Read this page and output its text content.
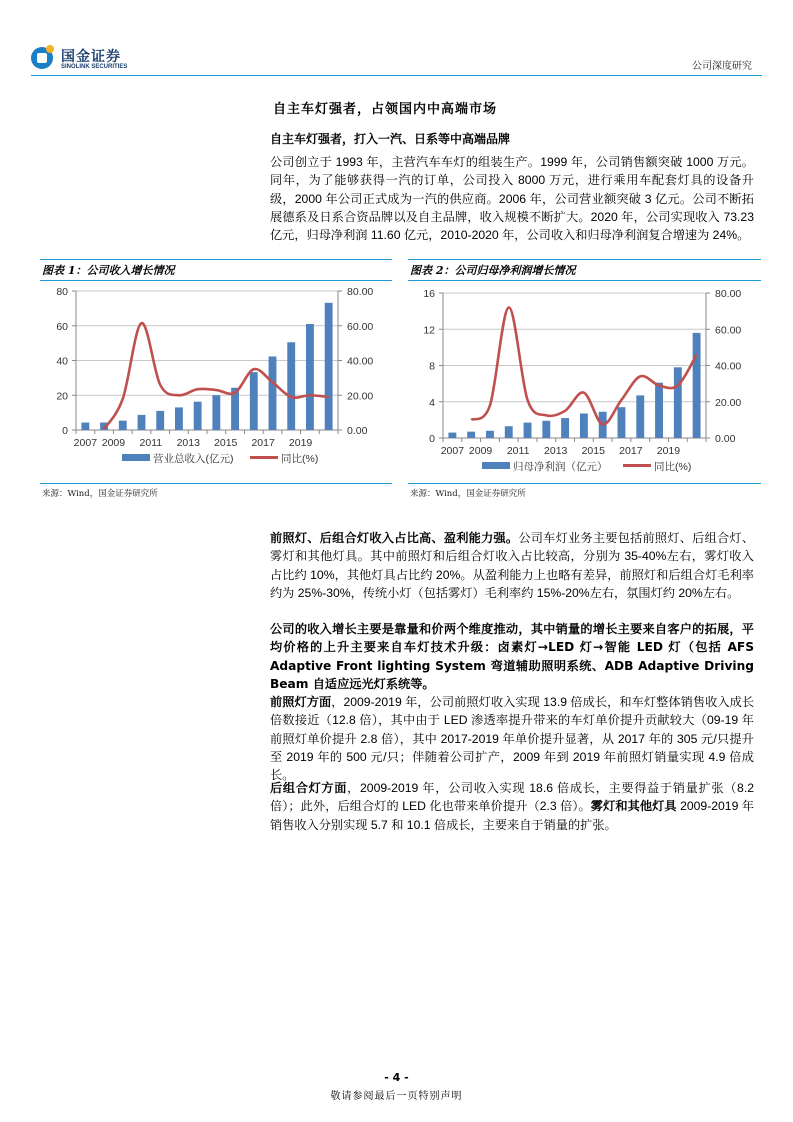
国金证券
SINOLINK SECURITIES	公司深度研究
自主车灯强者，占领国内中高端市场
自主车灯强者，打入一汽、日系等中高端品牌
公司创立于 1993 年，主营汽车车灯的组装生产。1999 年，公司销售额突破 1000 万元。同年，为了能够获得一汽的订单，公司投入 8000 万元，进行乘用车配套灯具的设备升级，2000 年公司正式成为一汽的供应商。2006 年，公司营业额突破 3 亿元。公司不断拓展德系及日系合资品牌以及自主品牌，收入规模不断扩大。2020 年，公司实现收入 73.23 亿元，归母净利润 11.60 亿元，2010-2020 年，公司收入和归母净利润复合增速为 24%。
图表 1：公司收入增长情况
0
20
40
60
80
0.00
20.00
40.00
60.00
80.00
2007 2009 2011 2013 2015 2017 2019
营业总收入(亿元)	同比(%)
来源：Wind，国金证券研究所
图表 2：公司归母净利润增长情况
0
4
8
12
16
0.00
20.00
40.00
60.00
80.00
2007 2009 2011 2013 2015 2017 2019
归母净利润（亿元）	同比(%)
来源：Wind，国金证券研究所
前照灯、后组合灯收入占比高、盈利能力强。公司车灯业务主要包括前照灯、后组合灯、雾灯和其他灯具。其中前照灯和后组合灯收入占比较高，分别为 35-40%左右，雾灯收入占比约 10%，其他灯具占比约 20%。从盈利能力上也略有差异，前照灯和后组合灯毛利率约为 25%-30%，传统小灯（包括雾灯）毛利率约 15%-20%左右，氛围灯约 20%左右。
公司的收入增长主要是靠量和价两个维度推动，其中销量的增长主要来自客户的拓展，平均价格的上升主要来自车灯技术升级：卤素灯→LED 灯→智能 LED 灯（包括 AFS Adaptive Front lighting System 弯道辅助照明系统、ADB Adaptive Driving Beam 自适应远光灯系统等。
前照灯方面，2009-2019 年，公司前照灯收入实现 13.9 倍成长，和车灯整体销售收入成长倍数接近（12.8 倍），其中由于 LED 渗透率提升带来的车灯单价提升贡献较大（09-19 年前照灯单价提升 2.8 倍），其中 2017-2019 年单价提升显著，从 2017 年的 305 元/只提升至 2019 年的 500 元/只；伴随着公司扩产，2009 年到 2019 年前照灯销量实现 4.9 倍成长。
后组合灯方面，2009-2019 年，公司收入实现 18.6 倍成长，主要得益于销量扩张（8.2 倍）；此外，后组合灯的 LED 化也带来单价提升（2.3 倍）。雾灯和其他灯具 2009-2019 年销售收入分别实现 5.7 和 10.1 倍成长，主要来自于销量的扩张。
- 4 -
敬请参阅最后一页特别声明
